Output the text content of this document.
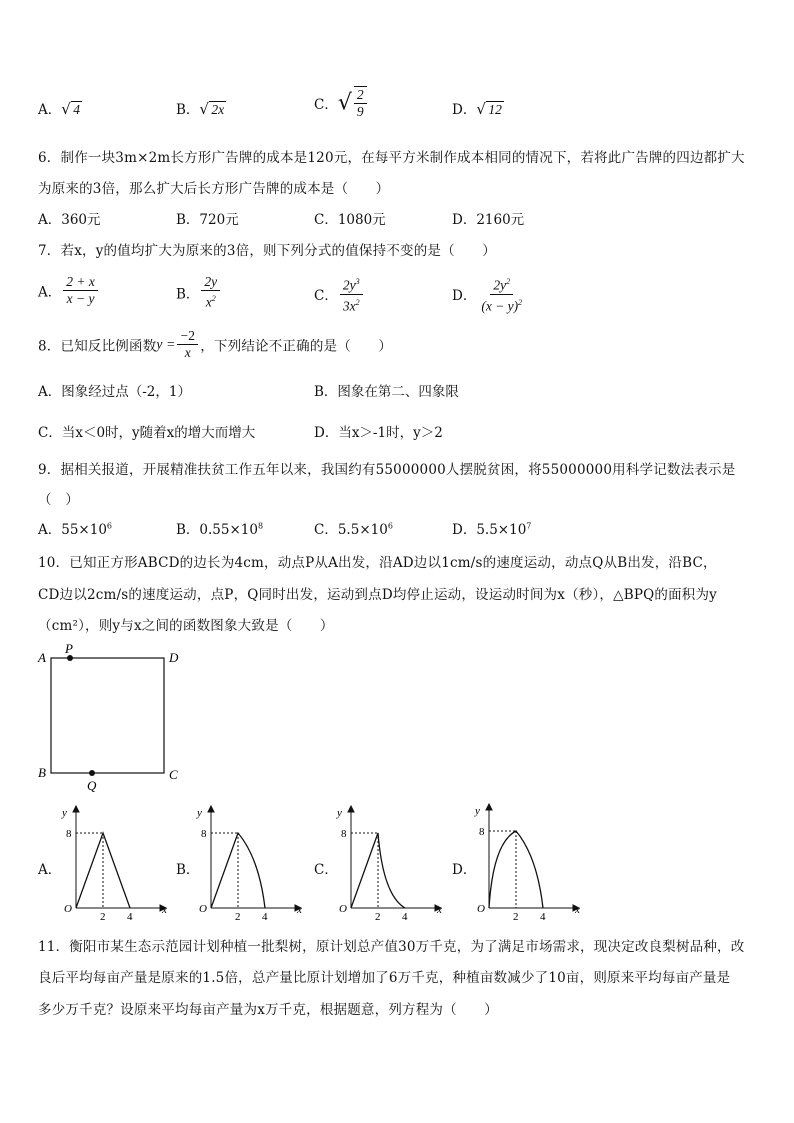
A． √ 4	B． √ 2x	C．√ $\frac{2}{9}$	D． √ 12
6．制作一块3m×2m长方形广告牌的成本是120元，在每平方米制作成本相同的情况下，若将此广告牌的四边都扩大
为原来的3倍，那么扩大后长方形广告牌的成本是（　　）
A．360元	B．720元	C．1080元	D．2160元
7．若x，y的值均扩大为原来的3倍，则下列分式的值保持不变的是（　　）
A． $\frac{2 + x}{x - y}$	B． $\frac{2y}{x^2}$	C． $\frac{2y^3}{3x^2}$	D． $\frac{2y^2}{(x - y)^2}$
8．已知反比例函数$y = \frac{-2}{x}$ ，下列结论不正确的是（　　）
A．图象经过点（-2，1）	B．图象在第二、四象限
C．当x＜0时，y随着x的增大而增大	D．当x＞-1时，y＞2
9．据相关报道，开展精准扶贫工作五年以来，我国约有55000000人摆脱贫困，将55000000用科学记数法表示是
（　）
A．$55\times 10^6$	B．$0.55\times 10^8$	C．$5.5\times 10^6$	D．$5.5\times 10^7$
10．已知正方形ABCD的边长为4cm，动点P从A出发，沿AD边以1cm/s的速度运动，动点Q从B出发，沿BC，
CD边以2cm/s的速度运动，点P，Q同时出发，运动到点D均停止运动，设运动时间为x（秒），△BPQ的面积为y
（cm²），则y与x之间的函数图象大致是（　　）
A
P
D
B	C
Q
A．	B．	C．	D．
y
x
O
8
2 4
y
x
O
8
2 4
y
x
O
8
2 4
y
x
O
8
2 4
11．衡阳市某生态示范园计划种植一批梨树，原计划总产值30万千克，为了满足市场需求，现决定改良梨树品种，改
良后平均每亩产量是原来的1.5倍，总产量比原计划增加了6万千克，种植亩数减少了10亩，则原来平均每亩产量是
多少万千克？设原来平均每亩产量为x万千克，根据题意，列方程为（　　）
